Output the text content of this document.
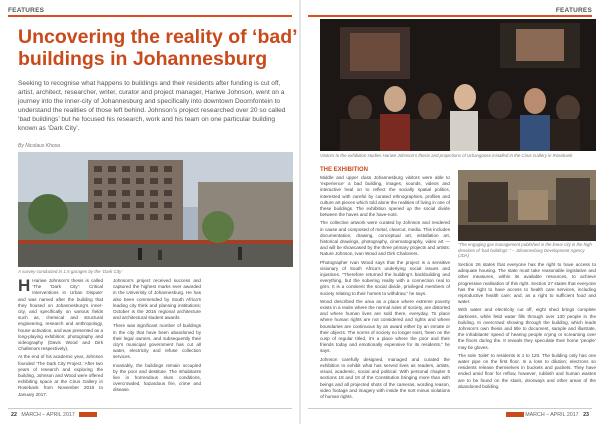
FEATURES	FEATURES
Uncovering the reality of ‘bad’ buildings in Johannesburg

Seeking to recognise what happens to buildings and their residents after funding is cut off, artist, architect, researcher, writer, curator and project manager, Hariwe Johnson, went on a journey into the inner-city of Johannesburg and specifically into downtown Doornfontein to understand the realities of those left behind. Johnson’s project researched over 20 so called ‘bad buildings’ but he focused his research, work and his team on one particular building known as ‘Dark City’.

By Nicolaus Khosa
A survey conducted in 1.5 garages by the ‘Dark City’

H Hariwe Johnson’s thesis is called ‘The ‘Dark City’: Critical Interventions in Urban Dispute’ and was named after the building that they housed on Johannesburg’s inner-city, and specifically on various fields such as, chemical and structural engineering, research and anthropology, house activation, and was presented as a long-playing exhibition; photography and videography (Davis Wood and Dirk Challenors respectively).

At the end of his academic year, Johnson founded ‘The Dark City Project.’ After two years of research and exploring the building, Johnson and Wood were offered exhibiting space at the Cirus Gallery in Rosebank from November 2016 to January 2017.

Johnson’s project received success and captured the highest marks ever awarded in the University of Johannesburg. He has also been commended by South Africa’s leading city think and planning institutions; October is the 2016 regional architecture and architectural student awards.

There was significant number of buildings in the city that have been abandoned by their legal owners, and subsequently their city’s municipal government has cut all water, electricity and refuse collection services.

Invariably, the buildings remain occupied by the poor and destitute. The inhabitants live in horrendous slum conditions, overcrowded, hazardous fire, crime and disease.

Visitors to the exhibition studies Hariwe Johnson’s thesis and projections of Urbangoose installed in the Cirus Gallery in Rosebank
THE EXHIBITION

Middle and upper class Johannesburg visitors were able to ‘experience’ a bad building, images, sounds, videos and interactive heal on to reflect the socially spatial politics, interested with careful by curated ethnographies, profiles and culture art pieces which told alone the realities of living in one of these buildings. The exhibition opened up the social divide between the haves and the have-nots.

The collective artwork were curated by Johnson and rendered in cause and composed of metal, clearcut, media. This includes documentation, drawing, conceptual art, installation art, historical drawings, photography, cinematography, video art — and will be showcased by the three primary projects and artists: Nature Johnson, Ivan Wood and Dirk Chaloners.

Photographer Ivan Wood says that the project is a sensitive visionary of South Africa’s underlying social issues and injustices. “Therefore returned the building’s backbuilding and everything, but the sobering reality with a connection real to grim. It is a continent the social divide, privileged members of society relating to their homes to withdraw,” he says.

Wood described the area as a place where extreme poverty exists in a realm where the normal rules of society, are distorted and where human lives are sold there, everyday. To place where human rights are not considered and rights and where boundaries are continuous by an award either by an inmate or their objects. The norms of society no longer exist, ‘been on the cusp of regular titled, it’s a place where the poor and their friends today and emotionally expensive for its residents,” he says.

Johnson carefully designed, managed and curated the exhibition to exhibit what has served lives as readers, artists, visual, academic, social and political. With personal chapter 5 sections 18 and 19 of the Constitution bringing more than with beings and all projected shots of the cameras, wording reason, video footage and imagery with inside the sort minus violations of human rights.

“The engaging gas management published in the linear city in the high densities of ‘bad buildings’.” – Johannesburg Development Agency (JDA)

Section 26 states that everyone has the right to have access to adequate housing. The state must take reasonable legislative and other measures, within its available resources, to achieve progressive realisation of this right. Section 27 states that everyone has the right to have access to health care services, including reproductive health care; and, as a right to sufficient food and water.

With water and electricity cut off, eight shed brings complete darkness, while fetid water fills through over 130 people in the building. In overcrowd showing through the building, which leads Johnson’s own thesis and title to document, sample and illustrate, the inhabitants’ speed of hearing people crying or screaming over the floors during the. It reveals they speculate their home ‘people’ may be gloves.

The sole ‘toilet’ to residents is 1 to 120. The building only has one water pipe on the first floor. In a loss to dilution; electrons so residents release themselves in buckets and packets. They have ended amid floor for reflow, however, rubbish and human wastes are to be found on the stairs, doorways and other areas of the abandoned building.

22 MARCH – APRIL 2017	MARCH – APRIL 2017 23
